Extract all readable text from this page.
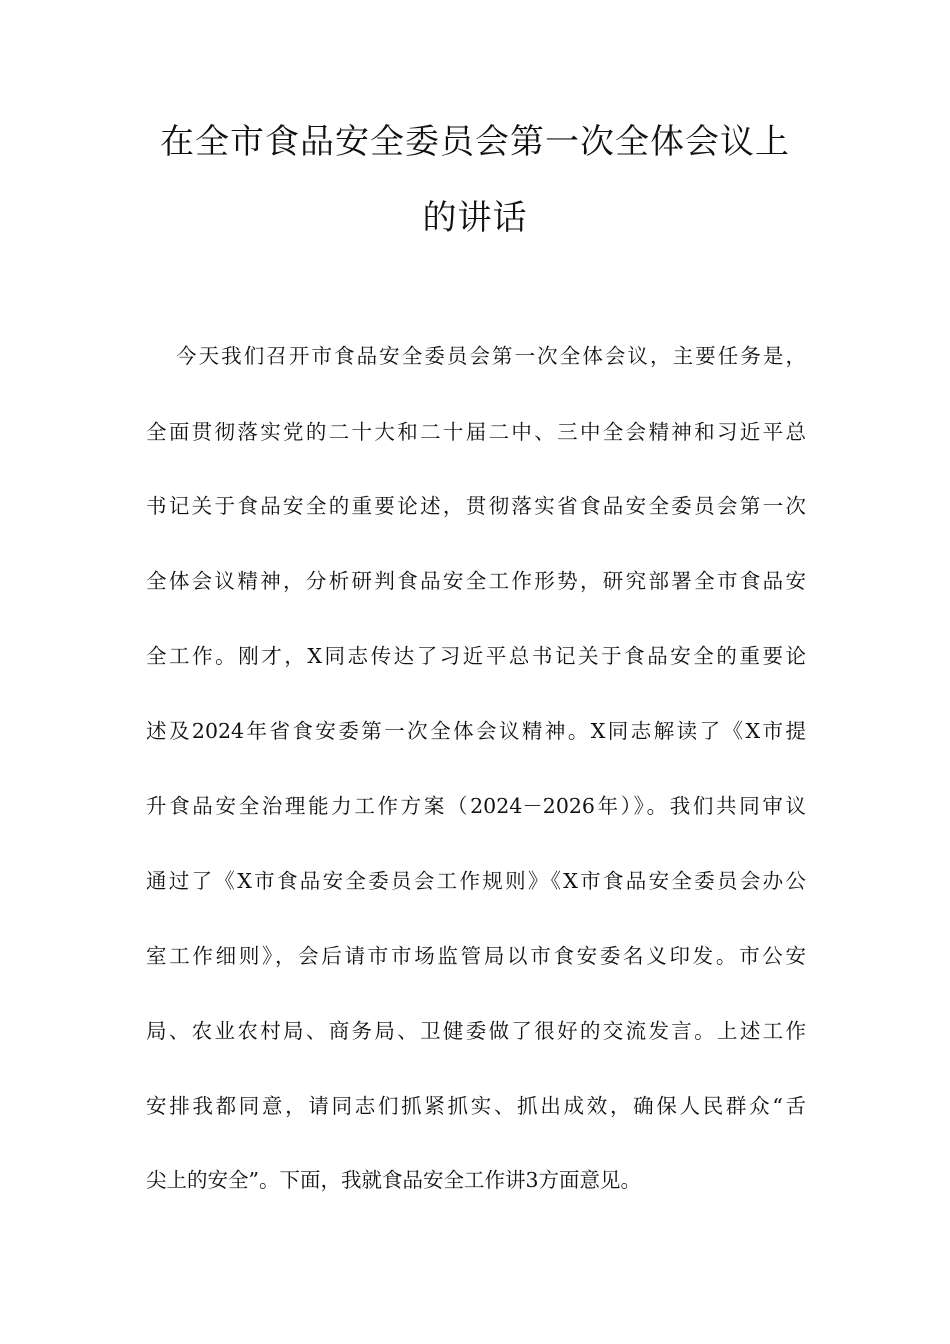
在全市食品安全委员会第一次全体会议上
的讲话

今天我们召开市食品安全委员会第一次全体会议，主要任务是，

全面贯彻落实党的二十大和二十届二中、三中全会精神和习近平总

书记关于食品安全的重要论述，贯彻落实省食品安全委员会第一次

全体会议精神，分析研判食品安全工作形势，研究部署全市食品安

全工作。刚才，X同志传达了习近平总书记关于食品安全的重要论

述及2024年省食安委第一次全体会议精神。X同志解读了《X市提

升食品安全治理能力工作方案（2024－2026年）》。我们共同审议

通过了《X市食品安全委员会工作规则》《X市食品安全委员会办公

室工作细则》，会后请市市场监管局以市食安委名义印发。市公安

局、农业农村局、商务局、卫健委做了很好的交流发言。上述工作

安排我都同意，请同志们抓紧抓实、抓出成效，确保人民群众“舌

尖上的安全”。下面，我就食品安全工作讲3方面意见。
